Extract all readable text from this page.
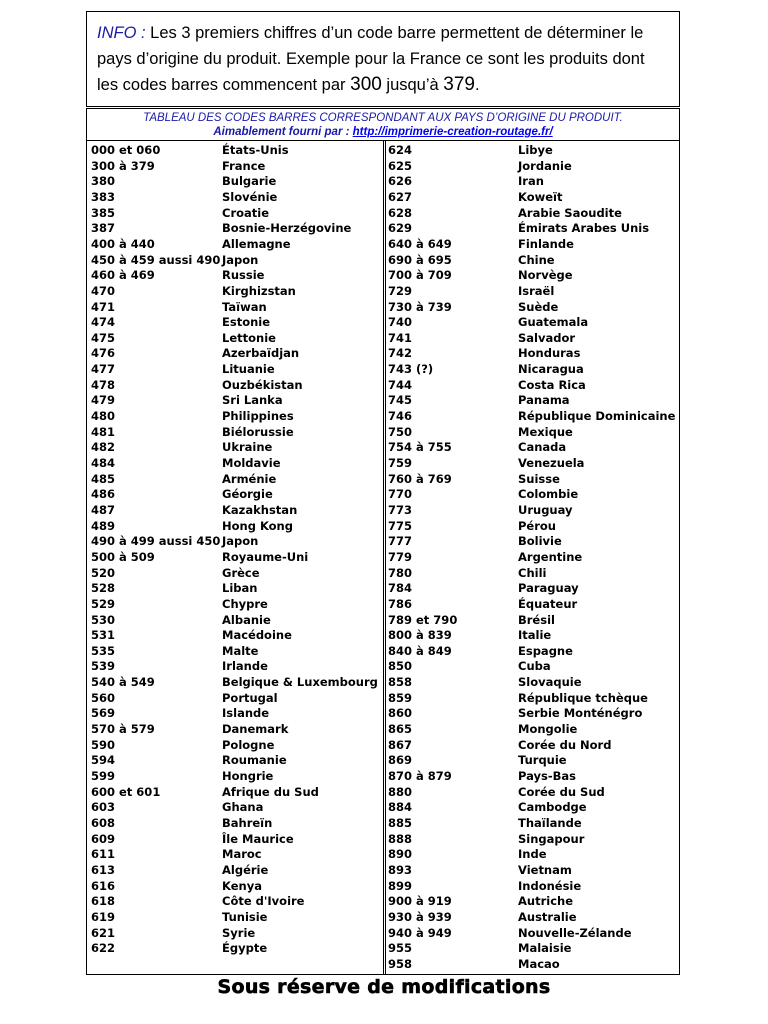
INFO : Les 3 premiers chiffres d’un code barre permettent de déterminer le pays d’origine du produit. Exemple pour la France ce sont les produits dont les codes barres commencent par 300 jusqu’à 379.
TABLEAU DES CODES BARRES CORRESPONDANT AUX PAYS D’ORIGINE DU PRODUIT.
Aimablement fourni par : http://imprimerie-creation-routage.fr/
000 et 060	États-Unis
300 à 379	France
380	Bulgarie
383	Slovénie
385	Croatie
387	Bosnie-Herzégovine
400 à 440	Allemagne
450 à 459 aussi 490 Japon
460 à 469	Russie
470	Kirghizstan
471	Taïwan
474	Estonie
475	Lettonie
476	Azerbaïdjan
477	Lituanie
478	Ouzbékistan
479	Sri Lanka
480	Philippines
481	Biélorussie
482	Ukraine
484	Moldavie
485	Arménie
486	Géorgie
487	Kazakhstan
489	Hong Kong
490 à 499 aussi 450 Japon
500 à 509	Royaume-Uni
520	Grèce
528	Liban
529	Chypre
530	Albanie
531	Macédoine
535	Malte
539	Irlande
540 à 549	Belgique & Luxembourg
560	Portugal
569	Islande
570 à 579	Danemark
590	Pologne
594	Roumanie
599	Hongrie
600 et 601	Afrique du Sud
603	Ghana
608	Bahreïn
609	Île Maurice
611	Maroc
613	Algérie
616	Kenya
618	Côte d'Ivoire
619	Tunisie
621	Syrie
622	Égypte
624	Libye
625	Jordanie
626	Iran
627	Koweït
628	Arabie Saoudite
629	Émirats Arabes Unis
640 à 649	Finlande
690 à 695	Chine
700 à 709	Norvège
729	Israël
730 à 739	Suède
740	Guatemala
741	Salvador
742	Honduras
743 (?)	Nicaragua
744	Costa Rica
745	Panama
746	République Dominicaine
750	Mexique
754 à 755	Canada
759	Venezuela
760 à 769	Suisse
770	Colombie
773	Uruguay
775	Pérou
777	Bolivie
779	Argentine
780	Chili
784	Paraguay
786	Équateur
789 et 790	Brésil
800 à 839	Italie
840 à 849	Espagne
850	Cuba
858	Slovaquie
859	République tchèque
860	Serbie Monténégro
865	Mongolie
867	Corée du Nord
869	Turquie
870 à 879	Pays-Bas
880	Corée du Sud
884	Cambodge
885	Thaïlande
888	Singapour
890	Inde
893	Vietnam
899	Indonésie
900 à 919	Autriche
930 à 939	Australie
940 à 949	Nouvelle-Zélande
955	Malaisie
958	Macao
Sous réserve de modifications
